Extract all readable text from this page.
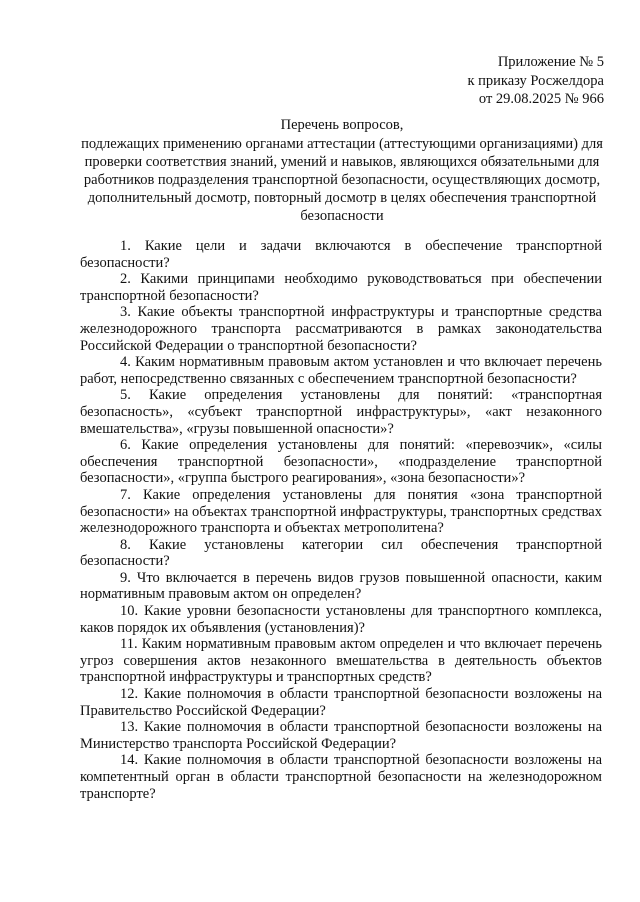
Приложение № 5
к приказу Росжелдора
от 29.08.2025 № 966
Перечень вопросов,
подлежащих применению органами аттестации (аттестующими организациями) для проверки соответствия знаний, умений и навыков, являющихся обязательными для работников подразделения транспортной безопасности, осуществляющих досмотр, дополнительный досмотр, повторный досмотр в целях обеспечения транспортной безопасности

1. Какие цели и задачи включаются в обеспечение транспортной безопасности?

2. Какими принципами необходимо руководствоваться при обеспечении транспортной безопасности?

3. Какие объекты транспортной инфраструктуры и транспортные средства железнодорожного транспорта рассматриваются в рамках законодательства Российской Федерации о транспортной безопасности?

4. Каким нормативным правовым актом установлен и что включает перечень работ, непосредственно связанных с обеспечением транспортной безопасности?

5. Какие определения установлены для понятий: «транспортная безопасность», «субъект транспортной инфраструктуры», «акт незаконного вмешательства», «грузы повышенной опасности»?

6. Какие определения установлены для понятий: «перевозчик», «силы обеспечения транспортной безопасности», «подразделение транспортной безопасности», «группа быстрого реагирования», «зона безопасности»?

7. Какие определения установлены для понятия «зона транспортной безопасности» на объектах транспортной инфраструктуры, транспортных средствах железнодорожного транспорта и объектах метрополитена?

8. Какие установлены категории сил обеспечения транспортной безопасности?

9. Что включается в перечень видов грузов повышенной опасности, каким нормативным правовым актом он определен?

10. Какие уровни безопасности установлены для транспортного комплекса, каков порядок их объявления (установления)?

11. Каким нормативным правовым актом определен и что включает перечень угроз совершения актов незаконного вмешательства в деятельность объектов транспортной инфраструктуры и транспортных средств?

12. Какие полномочия в области транспортной безопасности возложены на Правительство Российской Федерации?

13. Какие полномочия в области транспортной безопасности возложены на Министерство транспорта Российской Федерации?

14. Какие полномочия в области транспортной безопасности возложены на компетентный орган в области транспортной безопасности на железнодорожном транспорте?
